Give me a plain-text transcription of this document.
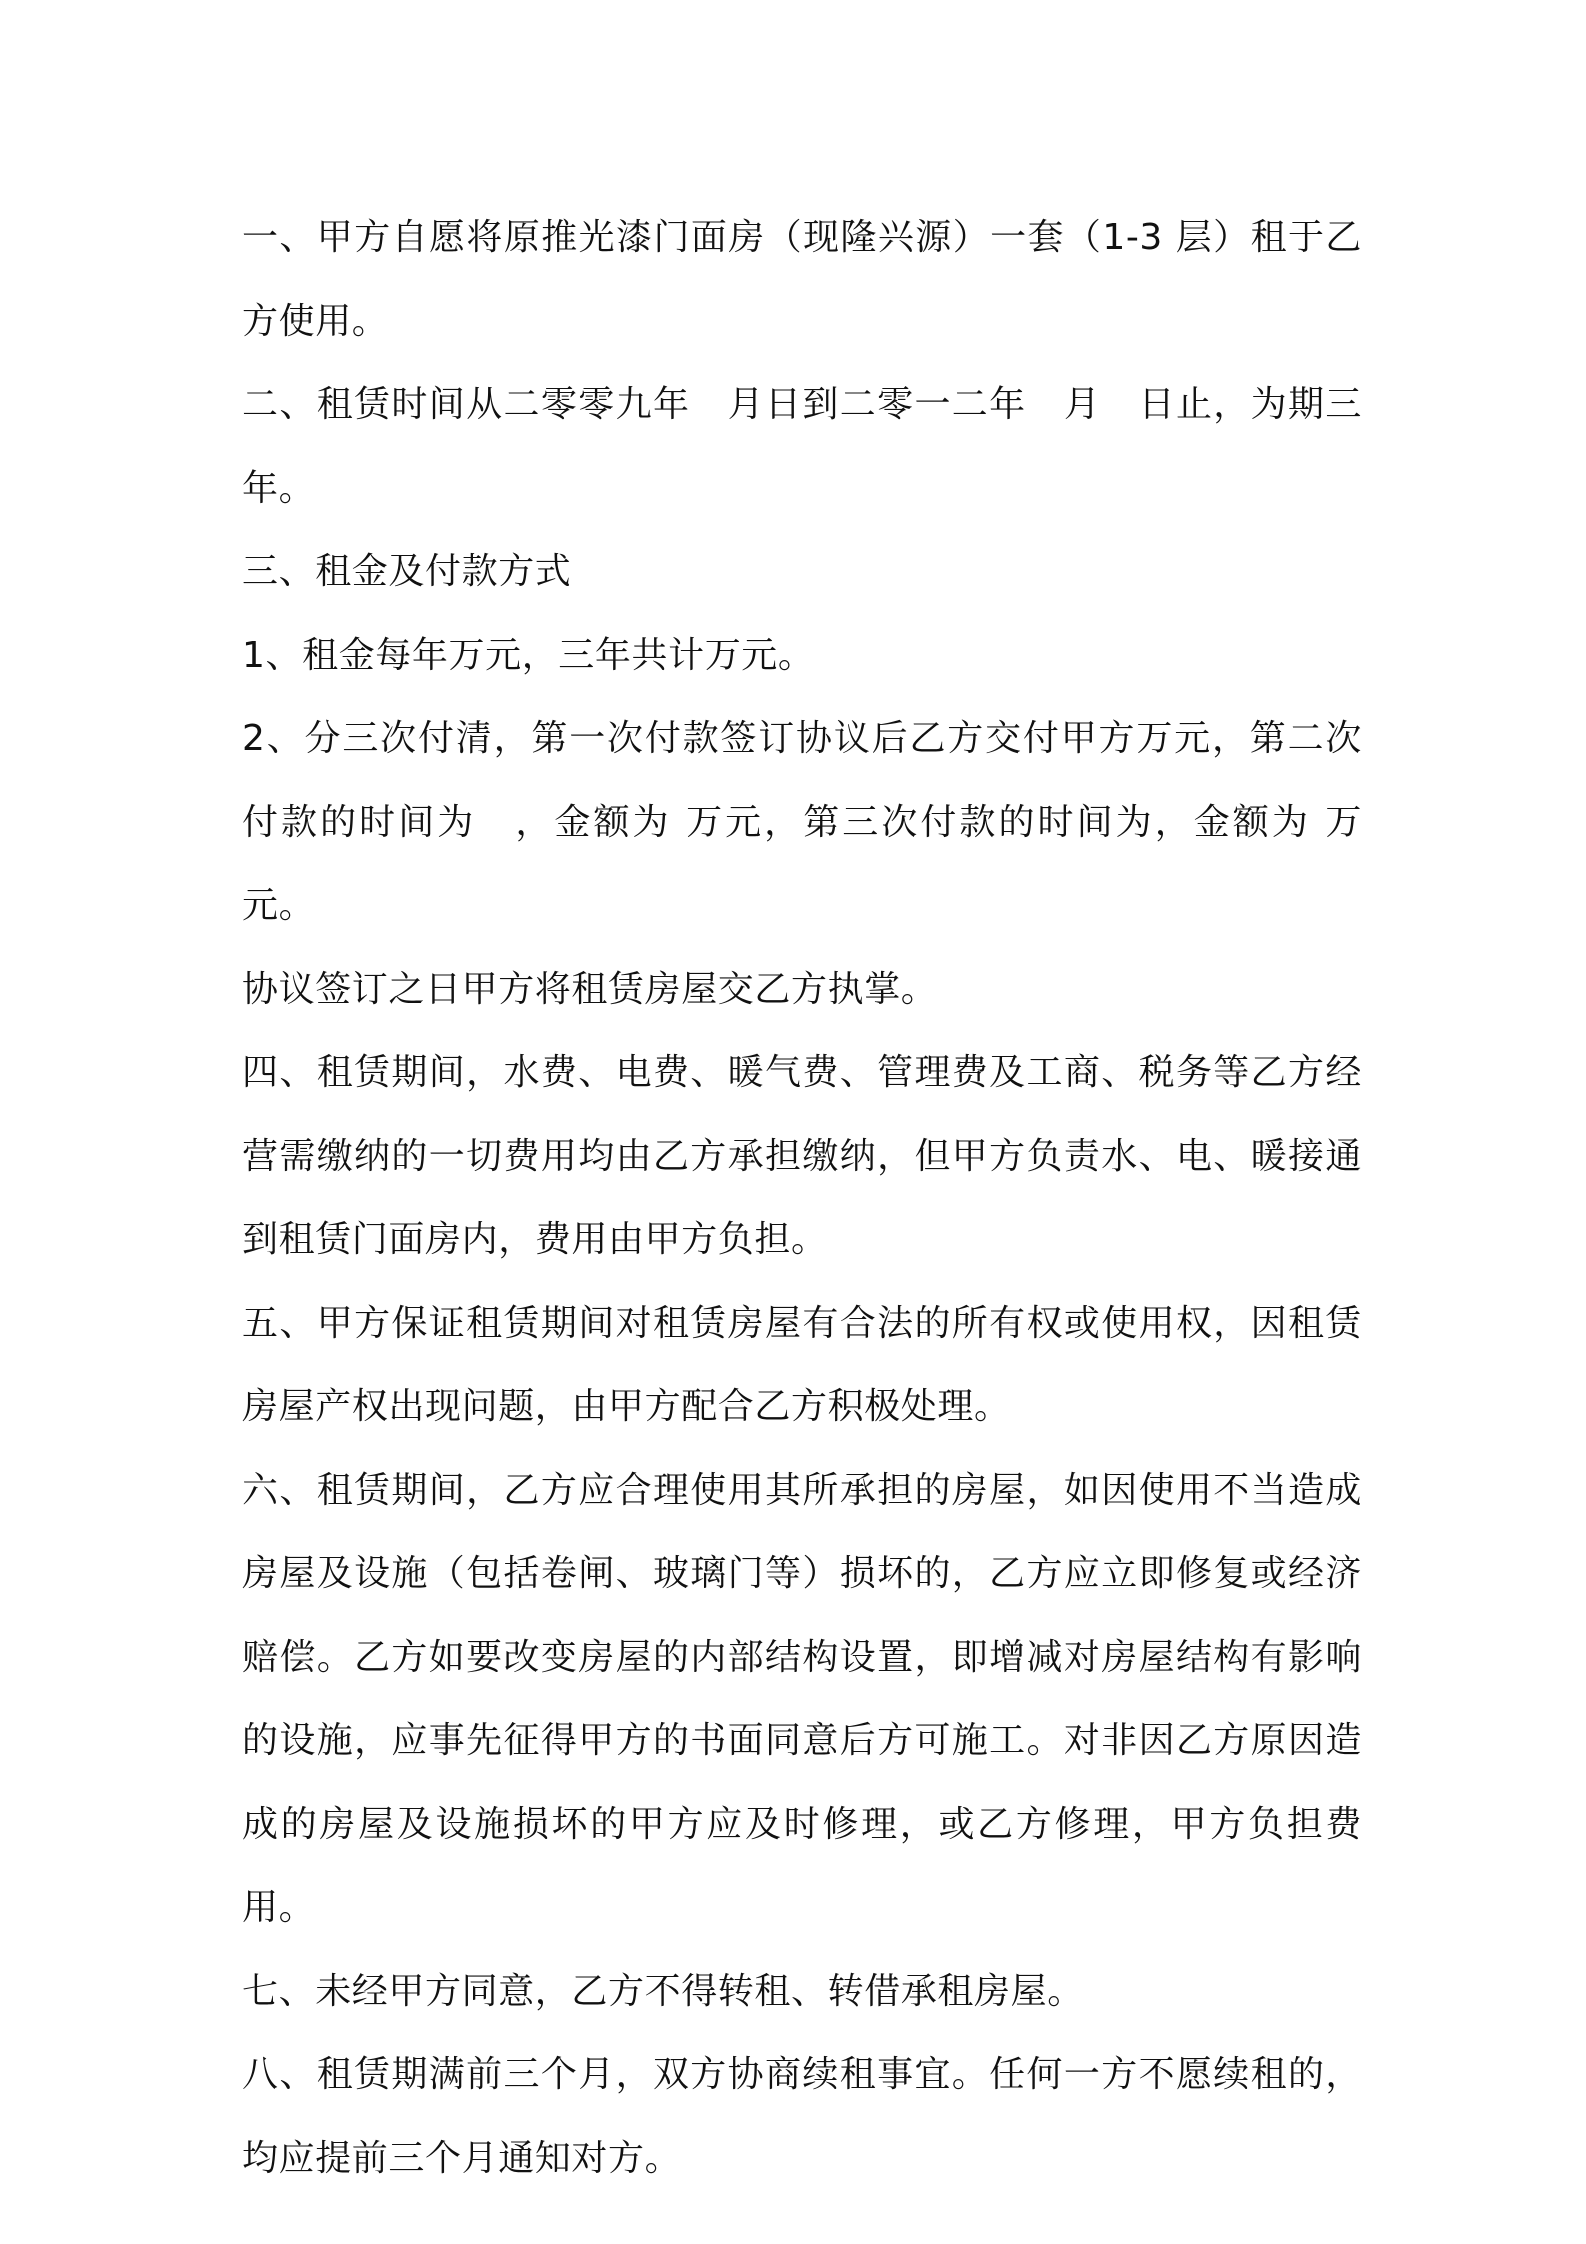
一、甲方自愿将原推光漆门面房（现隆兴源）一套（1-3 层）租于乙方使用。

二、租赁时间从二零零九年　月日到二零一二年　月　日止，为期三年。

三、租金及付款方式

1、租金每年万元，三年共计万元。

2、分三次付清，第一次付款签订协议后乙方交付甲方万元，第二次付款的时间为　，金额为 万元，第三次付款的时间为，金额为 万元。

协议签订之日甲方将租赁房屋交乙方执掌。

四、租赁期间，水费、电费、暖气费、管理费及工商、税务等乙方经营需缴纳的一切费用均由乙方承担缴纳，但甲方负责水、电、暖接通到租赁门面房内，费用由甲方负担。

五、甲方保证租赁期间对租赁房屋有合法的所有权或使用权，因租赁房屋产权出现问题，由甲方配合乙方积极处理。

六、租赁期间，乙方应合理使用其所承担的房屋，如因使用不当造成房屋及设施（包括卷闸、玻璃门等）损坏的，乙方应立即修复或经济赔偿。乙方如要改变房屋的内部结构设置，即增减对房屋结构有影响的设施，应事先征得甲方的书面同意后方可施工。对非因乙方原因造成的房屋及设施损坏的甲方应及时修理，或乙方修理，甲方负担费用。

七、未经甲方同意，乙方不得转租、转借承租房屋。

八、租赁期满前三个月，双方协商续租事宜。任何一方不愿续租的，均应提前三个月通知对方。
